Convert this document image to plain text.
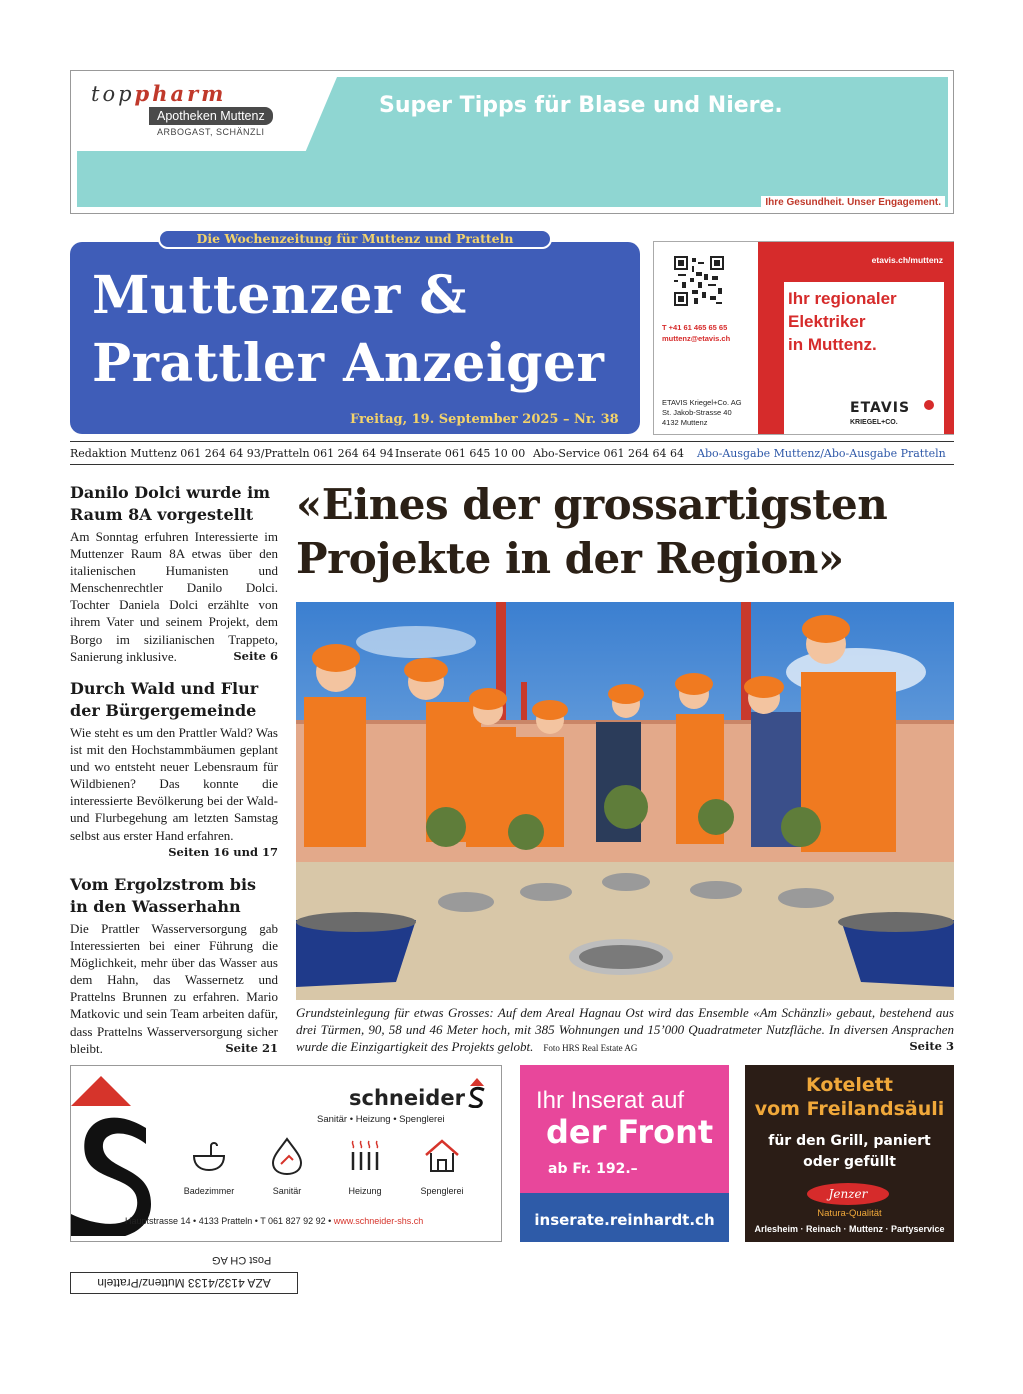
toppharm
Apotheken Muttenz
ARBOGAST, SCHÄNZLI
Super Tipps für Blase und Niere.
Ihre Gesundheit. Unser Engagement.
Die Wochenzeitung für Muttenz und Pratteln
Muttenzer &
Prattler Anzeiger
Freitag, 19. September 2025 – Nr. 38
T +41 61 465 65 65
muttenz@etavis.ch
ETAVIS Kriegel+Co. AG
St. Jakob-Strasse 40
4132 Muttenz
etavis.ch/muttenz
Ihr regionaler
Elektriker
in Muttenz.
ETAVIS
KRIEGEL+CO.
Redaktion Muttenz 061 264 64 93/Pratteln 061 264 64 94 Inserate 061 645 10 00 Abo-Service 061 264 64 64 Abo-Ausgabe Muttenz/Abo-Ausgabe Pratteln
Danilo Dolci wurde im Raum 8A vorgestellt

Am Sonntag erfuhren Interessierte im Muttenzer Raum 8A etwas über den italienischen Humanisten und Menschenrechtler Danilo Dolci. Tochter Daniela Dolci erzählte von ihrem Vater und seinem Projekt, dem Borgo im sizilianischen Trappeto, Sanierung inklusive.	Seite 6

Durch Wald und Flur der Bürgergemeinde

Wie steht es um den Prattler Wald? Was ist mit den Hochstammbäumen geplant und wo entsteht neuer Lebensraum für Wildbienen? Das konnte die interessierte Bevölkerung bei der Wald- und Flurbegehung am letzten Samstag selbst aus erster Hand erfahren.
Seiten 16 und 17

Vom Ergolzstrom bis in den Wasserhahn

Die Prattler Wasserversorgung gab Interessierten bei einer Führung die Möglichkeit, mehr über das Wasser aus dem Hahn, das Wassernetz und Prattelns Brunnen zu erfahren. Mario Matkovic und sein Team arbeiten dafür, dass Prattelns Wasserversorgung sicher bleibt.	Seite 21

«Eines der grossartigsten Projekte in der Region»
Grundsteinlegung für etwas Grosses: Auf dem Areal Hagnau Ost wird das Ensemble «Am Schänzli» gebaut, bestehend aus drei Türmen, 90, 58 und 46 Meter hoch, mit 385 Wohnungen und 15’000 Quadratmeter Nutzfläche. In diversen Ansprachen wurde die Einzigartigkeit des Projekts gelobt. Foto HRS Real Estate AG	Seite 3
schneider
Sanitär • Heizung • Spenglerei
Badezimmer	Sanitär	Heizung	Spenglerei
Hauptstrasse 14 • 4133 Pratteln • T 061 827 92 92 • www.schneider-shs.ch
Ihr Inserat auf
der Front
ab Fr. 192.–
inserate.reinhardt.ch
Kotelett
vom Freilandsäuli
für den Grill, paniert
oder gefüllt
Jenzer
Natura-Qualität
Arlesheim · Reinach · Muttenz · Partyservice
Post CH AG
AZA 4132/4133 Muttenz/Pratteln
